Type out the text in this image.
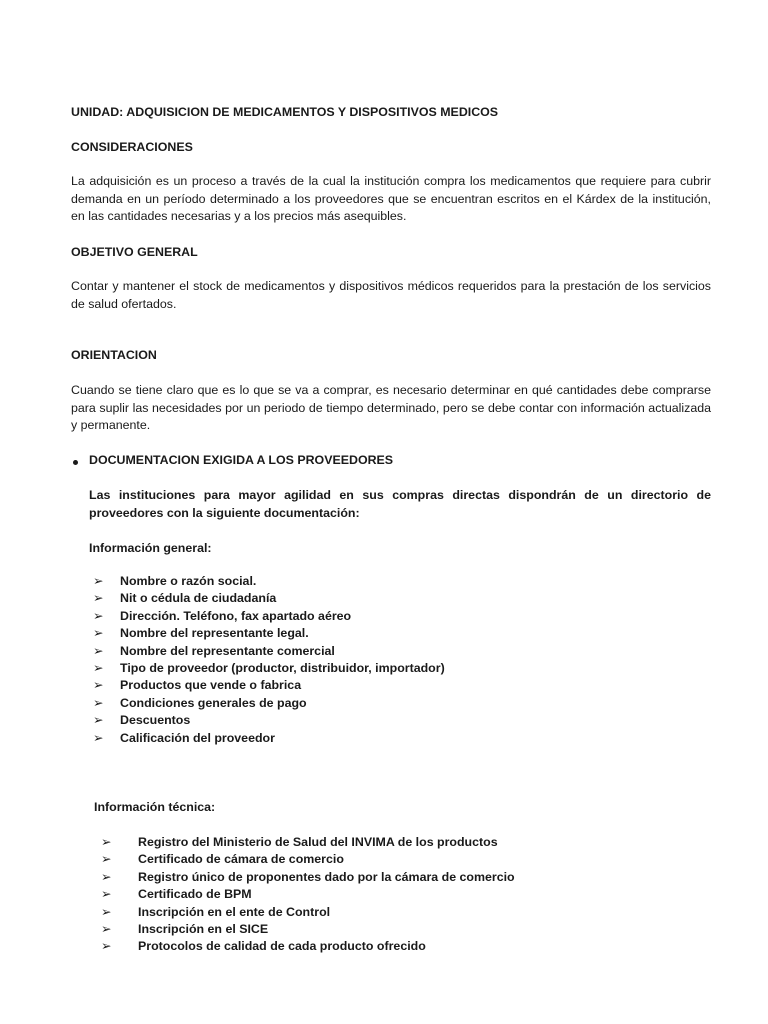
UNIDAD: ADQUISICION DE MEDICAMENTOS Y DISPOSITIVOS MEDICOS

CONSIDERACIONES

La adquisición es un proceso a través de la cual la institución compra los medicamentos que requiere para cubrir demanda en un período determinado a los proveedores que se encuentran escritos en el Kárdex de la institución, en las cantidades necesarias y a los precios más asequibles.

OBJETIVO GENERAL

Contar y mantener el stock de medicamentos y dispositivos médicos requeridos para la prestación de los servicios de salud ofertados.

ORIENTACION

Cuando se tiene claro que es lo que se va a comprar, es necesario determinar en qué cantidades debe comprarse para suplir las necesidades por un periodo de tiempo determinado, pero se debe contar con información actualizada y permanente.

DOCUMENTACION EXIGIDA A LOS PROVEEDORES

Las instituciones para mayor agilidad en sus compras directas dispondrán de un directorio de proveedores con la siguiente documentación:

Información general:

➢ Nombre o razón social.
➢ Nit o cédula de ciudadanía
➢ Dirección. Teléfono, fax apartado aéreo
➢ Nombre del representante legal.
➢ Nombre del representante comercial
➢ Tipo de proveedor (productor, distribuidor, importador)
➢ Productos que vende o fabrica
➢ Condiciones generales de pago
➢ Descuentos
➢ Calificación del proveedor

Información técnica:

➢ Registro del Ministerio de Salud del INVIMA de los productos
➢ Certificado de cámara de comercio
➢ Registro único de proponentes dado por la cámara de comercio
➢ Certificado de BPM
➢ Inscripción en el ente de Control
➢ Inscripción en el SICE
➢ Protocolos de calidad de cada producto ofrecido
